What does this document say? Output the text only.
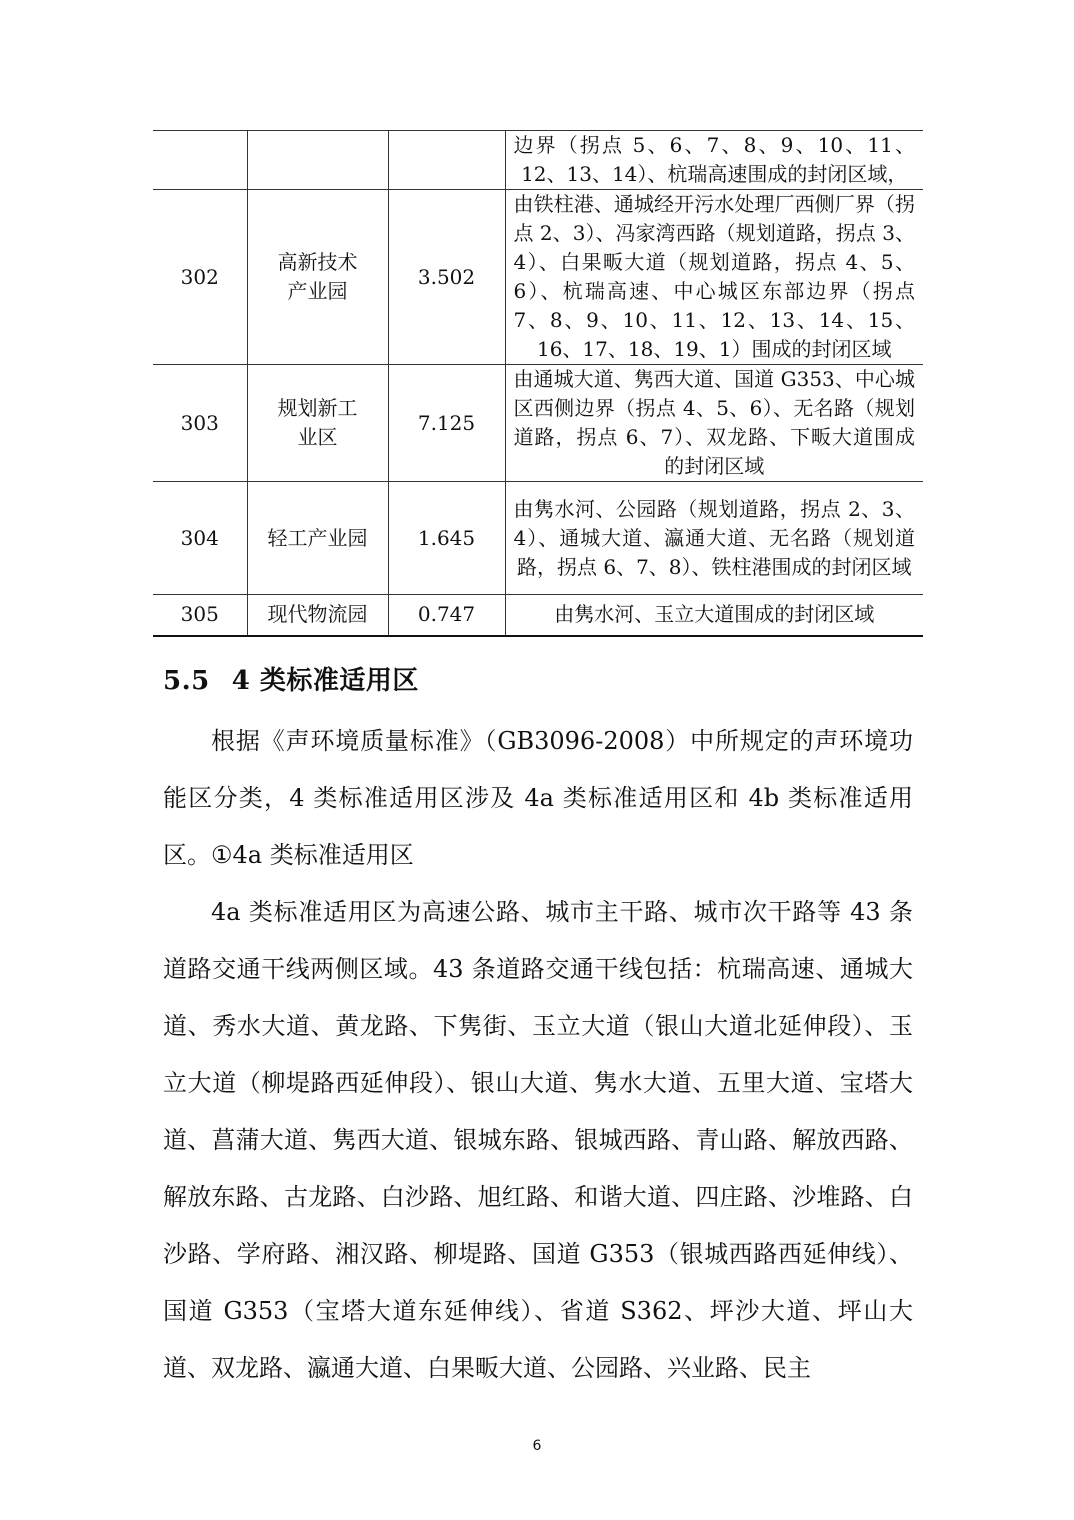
			边界（拐点 5、6、7、8、9、10、11、12、13、14）、杭瑞高速围成的封闭区域，
302	高新技术产业园	3.502	由铁柱港、通城经开污水处理厂西侧厂界（拐点 2、3）、冯家湾西路（规划道路，拐点 3、4）、白果畈大道（规划道路，拐点 4、5、6）、杭瑞高速、中心城区东部边界（拐点 7、8、9、10、11、12、13、14、15、16、17、18、19、1）围成的封闭区域
303	规划新工业区	7.125	由通城大道、隽西大道、国道 G353、中心城区西侧边界（拐点 4、5、6）、无名路（规划道路，拐点 6、7）、双龙路、下畈大道围成的封闭区域
304	轻工产业园	1.645	由隽水河、公园路（规划道路，拐点 2、3、4）、通城大道、瀛通大道、无名路（规划道路，拐点 6、7、8）、铁柱港围成的封闭区域
305	现代物流园	0.747	由隽水河、玉立大道围成的封闭区域
5.5 4 类标准适用区

根据《声环境质量标准》（GB3096-2008）中所规定的声环境功能区分类，4 类标准适用区涉及 4a 类标准适用区和 4b 类标准适用区。 ①4a 类标准适用区

4a 类标准适用区为高速公路、城市主干路、城市次干路等 43 条道路交通干线两侧区域。43 条道路交通干线包括：杭瑞高速、通城大道、秀水大道、黄龙路、下隽街、玉立大道（银山大道北延伸段）、玉立大道（柳堤路西延伸段）、银山大道、隽水大道、五里大道、宝塔大道、菖蒲大道、隽西大道、银城东路、银城西路、青山路、解放西路、解放东路、古龙路、白沙路、旭红路、和谐大道、四庄路、沙堆路、白沙路、学府路、湘汉路、柳堤路、国道 G353（银城西路西延伸线）、国道 G353（宝塔大道东延伸线）、省道 S362、坪沙大道、坪山大道、双龙路、瀛通大道、白果畈大道、公园路、兴业路、民主

6
